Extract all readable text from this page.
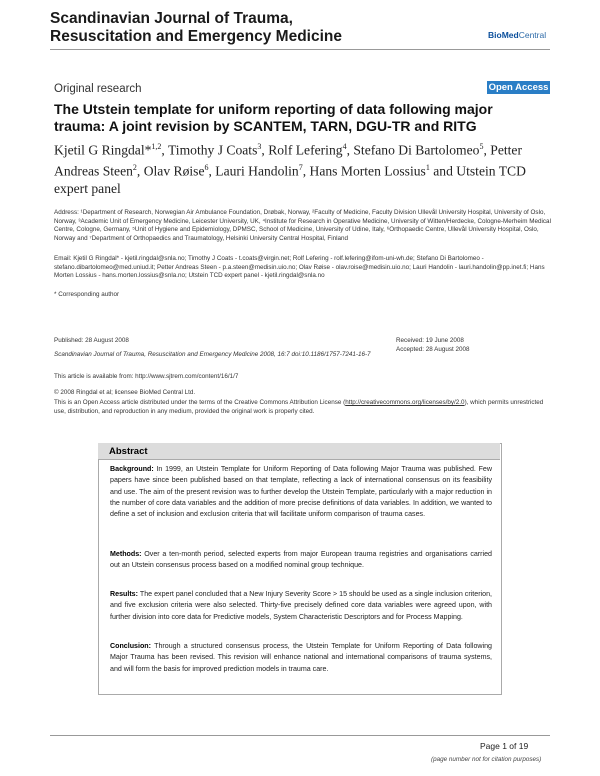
Scandinavian Journal of Trauma,
Resuscitation and Emergency Medicine	BioMedCentral
Original research	Open Access
The Utstein template for uniform reporting of data following major
trauma: A joint revision by SCANTEM, TARN, DGU-TR and RITG
Kjetil G Ringdal*$^{1,2}$, Timothy J Coats$^3$, Rolf Lefering$^4$, Stefano Di Bartolomeo$^5$, Petter Andreas Steen$^2$, Olav Røise$^6$, Lauri Handolin$^7$, Hans Morten Lossius$^1$ and Utstein TCD expert panel
Address: ¹Department of Research, Norwegian Air Ambulance Foundation, Drøbak, Norway, ²Faculty of Medicine, Faculty Division Ullevål University Hospital, University of Oslo, Norway, ³Academic Unit of Emergency Medicine, Leicester University, UK, ⁴Institute for Research in Operative Medicine, University of Witten/Herdecke, Cologne-Merheim Medical Centre, Cologne, Germany, ⁵Unit of Hygiene and Epidemiology, DPMSC, School of Medicine, University of Udine, Italy, ⁶Orthopaedic Centre, Ullevål University Hospital, Oslo, Norway and ⁷Department of Orthopaedics and Traumatology, Helsinki University Central Hospital, Finland
Email: Kjetil G Ringdal* - kjetil.ringdal@snla.no; Timothy J Coats - t.coats@virgin.net; Rolf Lefering - rolf.lefering@ifom-uni-wh.de; Stefano Di Bartolomeo - stefano.dibartolomeo@med.uniud.it; Petter Andreas Steen - p.a.steen@medisin.uio.no; Olav Røise - olav.roise@medisin.uio.no; Lauri Handolin - lauri.handolin@pp.inet.fi; Hans Morten Lossius - hans.morten.lossius@snla.no; Utstein TCD expert panel - kjetil.ringdal@snla.no
* Corresponding author
Published: 28 August 2008
Scandinavian Journal of Trauma, Resuscitation and Emergency Medicine 2008, 16:7 doi:10.1186/1757-7241-16-7
Received: 19 June 2008
Accepted: 28 August 2008
This article is available from: http://www.sjtrem.com/content/16/1/7
© 2008 Ringdal et al; licensee BioMed Central Ltd.
This is an Open Access article distributed under the terms of the Creative Commons Attribution License (http://creativecommons.org/licenses/by/2.0), which permits unrestricted use, distribution, and reproduction in any medium, provided the original work is properly cited.
Abstract
Background: In 1999, an Utstein Template for Uniform Reporting of Data following Major Trauma was published. Few papers have since been published based on that template, reflecting a lack of international consensus on its feasibility and use. The aim of the present revision was to further develop the Utstein Template, particularly with a major reduction in the number of core data variables and the addition of more precise definitions of data variables. In addition, we wanted to define a set of inclusion and exclusion criteria that will facilitate uniform comparison of trauma cases.
Methods: Over a ten-month period, selected experts from major European trauma registries and organisations carried out an Utstein consensus process based on a modified nominal group technique.
Results: The expert panel concluded that a New Injury Severity Score > 15 should be used as a single inclusion criterion, and five exclusion criteria were also selected. Thirty-five precisely defined core data variables were agreed upon, with further division into core data for Predictive models, System Characteristic Descriptors and for Process Mapping.
Conclusion: Through a structured consensus process, the Utstein Template for Uniform Reporting of Data following Major Trauma has been revised. This revision will enhance national and international comparisons of trauma systems, and will form the basis for improved prediction models in trauma care.
Page 1 of 19
(page number not for citation purposes)
